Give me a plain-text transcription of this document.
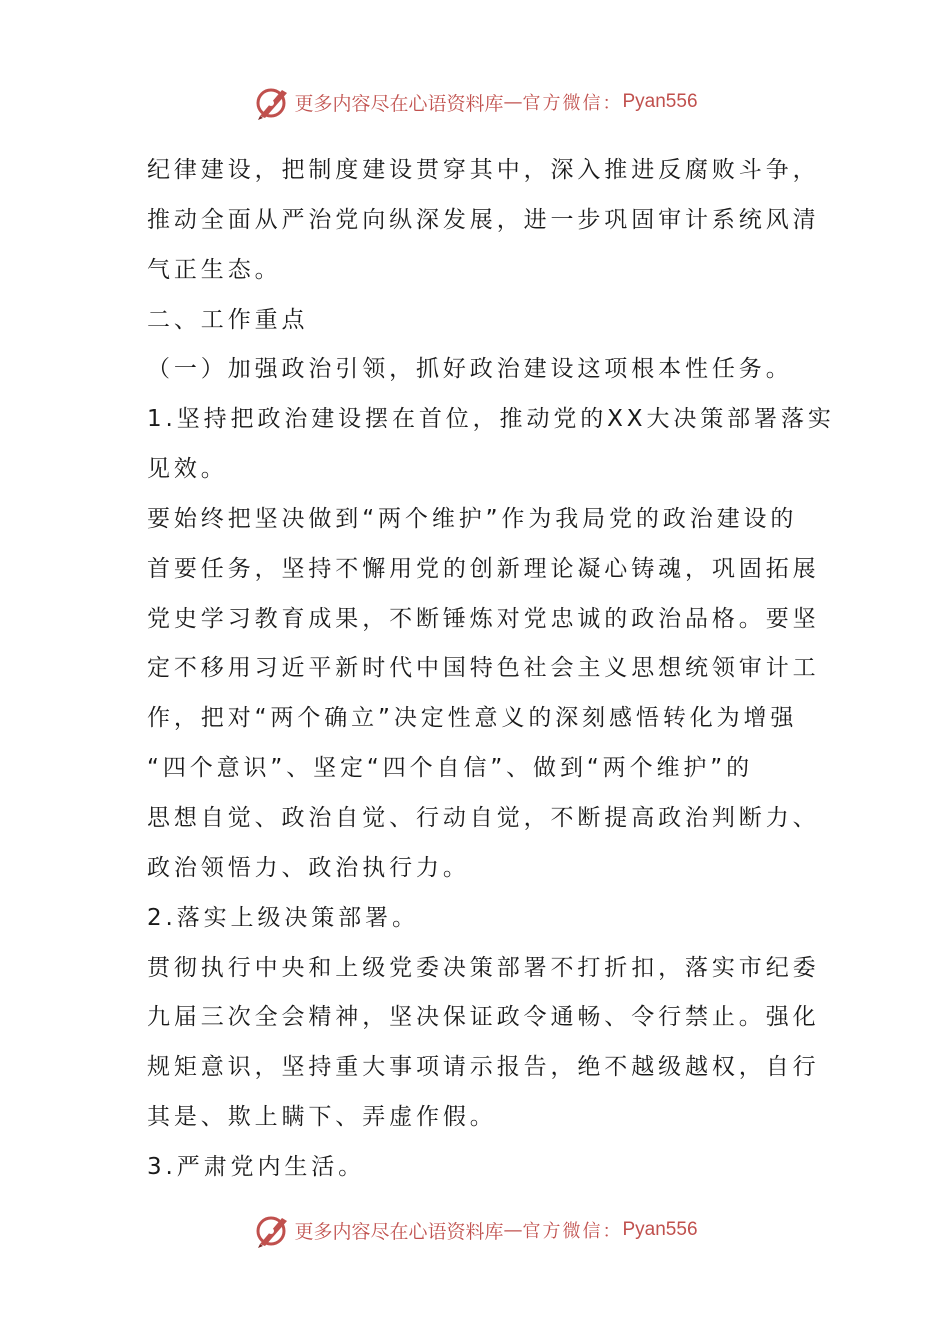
更多内容尽在心语资料库 — 官方微信： Pyan556
纪律建设，把制度建设贯穿其中，深入推进反腐败斗争，
推动全面从严治党向纵深发展，进一步巩固审计系统风清
气正生态。
二、工作重点
（一）加强政治引领，抓好政治建设这项根本性任务。
1.坚持把政治建设摆在首位，推动党的XX大决策部署落实
见效。
要始终把坚决做到“两个维护”作为我局党的政治建设的
首要任务，坚持不懈用党的创新理论凝心铸魂，巩固拓展
党史学习教育成果，不断锤炼对党忠诚的政治品格。要坚
定不移用习近平新时代中国特色社会主义思想统领审计工
作，把对“两个确立”决定性意义的深刻感悟转化为增强
“四个意识”、坚定“四个自信”、做到“两个维护”的
思想自觉、政治自觉、行动自觉，不断提高政治判断力、
政治领悟力、政治执行力。
2.落实上级决策部署。
贯彻执行中央和上级党委决策部署不打折扣，落实市纪委
九届三次全会精神，坚决保证政令通畅、令行禁止。强化
规矩意识，坚持重大事项请示报告，绝不越级越权，自行
其是、欺上瞒下、弄虚作假。
3.严肃党内生活。
更多内容尽在心语资料库 — 官方微信： Pyan556
